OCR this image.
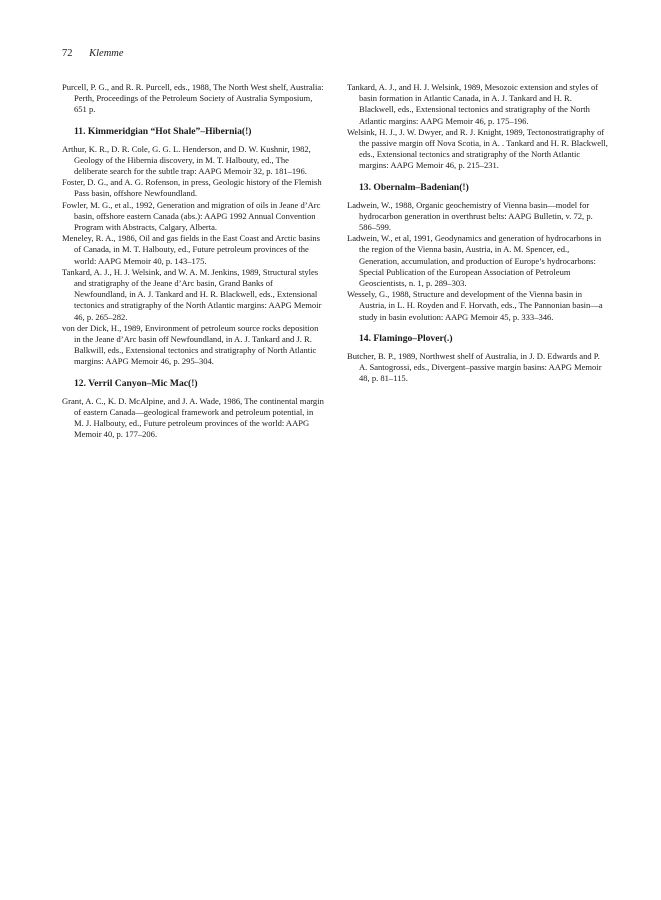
72 Klemme

Purcell, P. G., and R. R. Purcell, eds., 1988, The North West shelf, Australia: Perth, Proceedings of the Petroleum Society of Australia Symposium, 651 p.

11. Kimmeridgian “Hot Shale”–Hibernia(!)

Arthur, K. R., D. R. Cole, G. G. L. Henderson, and D. W. Kushnir, 1982, Geology of the Hibernia discovery, in M. T. Halbouty, ed., The deliberate search for the subtle trap: AAPG Memoir 32, p. 181–196.

Foster, D. G., and A. G. Rofenson, in press, Geologic history of the Flemish Pass basin, offshore Newfoundland.

Fowler, M. G., et al., 1992, Generation and migration of oils in Jeane d’Arc basin, offshore eastern Canada (abs.): AAPG 1992 Annual Convention Program with Abstracts, Calgary, Alberta.

Meneley, R. A., 1986, Oil and gas fields in the East Coast and Arctic basins of Canada, in M. T. Halbouty, ed., Future petroleum provinces of the world: AAPG Memoir 40, p. 143–175.

Tankard, A. J., H. J. Welsink, and W. A. M. Jenkins, 1989, Structural styles and stratigraphy of the Jeane d’Arc basin, Grand Banks of Newfoundland, in A. J. Tankard and H. R. Blackwell, eds., Extensional tectonics and stratigraphy of the North Atlantic margins: AAPG Memoir 46, p. 265–282.

von der Dick, H., 1989, Environment of petroleum source rocks deposition in the Jeane d’Arc basin off Newfoundland, in A. J. Tankard and J. R. Balkwill, eds., Extensional tectonics and stratigraphy of North Atlantic margins: AAPG Memoir 46, p. 295–304.

12. Verril Canyon–Mic Mac(!)

Grant, A. C., K. D. McAlpine, and J. A. Wade, 1986, The continental margin of eastern Canada—geological framework and petroleum potential, in M. J. Halbouty, ed., Future petroleum provinces of the world: AAPG Memoir 40, p. 177–206.

Tankard, A. J., and H. J. Welsink, 1989, Mesozoic extension and styles of basin formation in Atlantic Canada, in A. J. Tankard and H. R. Blackwell, eds., Extensional tectonics and stratigraphy of the North Atlantic margins: AAPG Memoir 46, p. 175–196.

Welsink, H. J., J. W. Dwyer, and R. J. Knight, 1989, Tectonostratigraphy of the passive margin off Nova Scotia, in A. . Tankard and H. R. Blackwell, eds., Extensional tectonics and stratigraphy of the North Atlantic margins: AAPG Memoir 46, p. 215–231.

13. Obernalm–Badenian(!)

Ladwein, W., 1988, Organic geochemistry of Vienna basin—model for hydrocarbon generation in overthrust belts: AAPG Bulletin, v. 72, p. 586–599.

Ladwein, W., et al, 1991, Geodynamics and generation of hydrocarbons in the region of the Vienna basin, Austria, in A. M. Spencer, ed., Generation, accumulation, and production of Europe’s hydrocarbons: Special Publication of the European Association of Petroleum Geoscientists, n. 1, p. 289–303.

Wessely, G., 1988, Structure and development of the Vienna basin in Austria, in L. H. Royden and F. Horvath, eds., The Pannonian basin—a study in basin evolution: AAPG Memoir 45, p. 333–346.

14. Flamingo–Plover(.)

Butcher, B. P., 1989, Northwest shelf of Australia, in J. D. Edwards and P. A. Santogrossi, eds., Divergent–passive margin basins: AAPG Memoir 48, p. 81–115.
